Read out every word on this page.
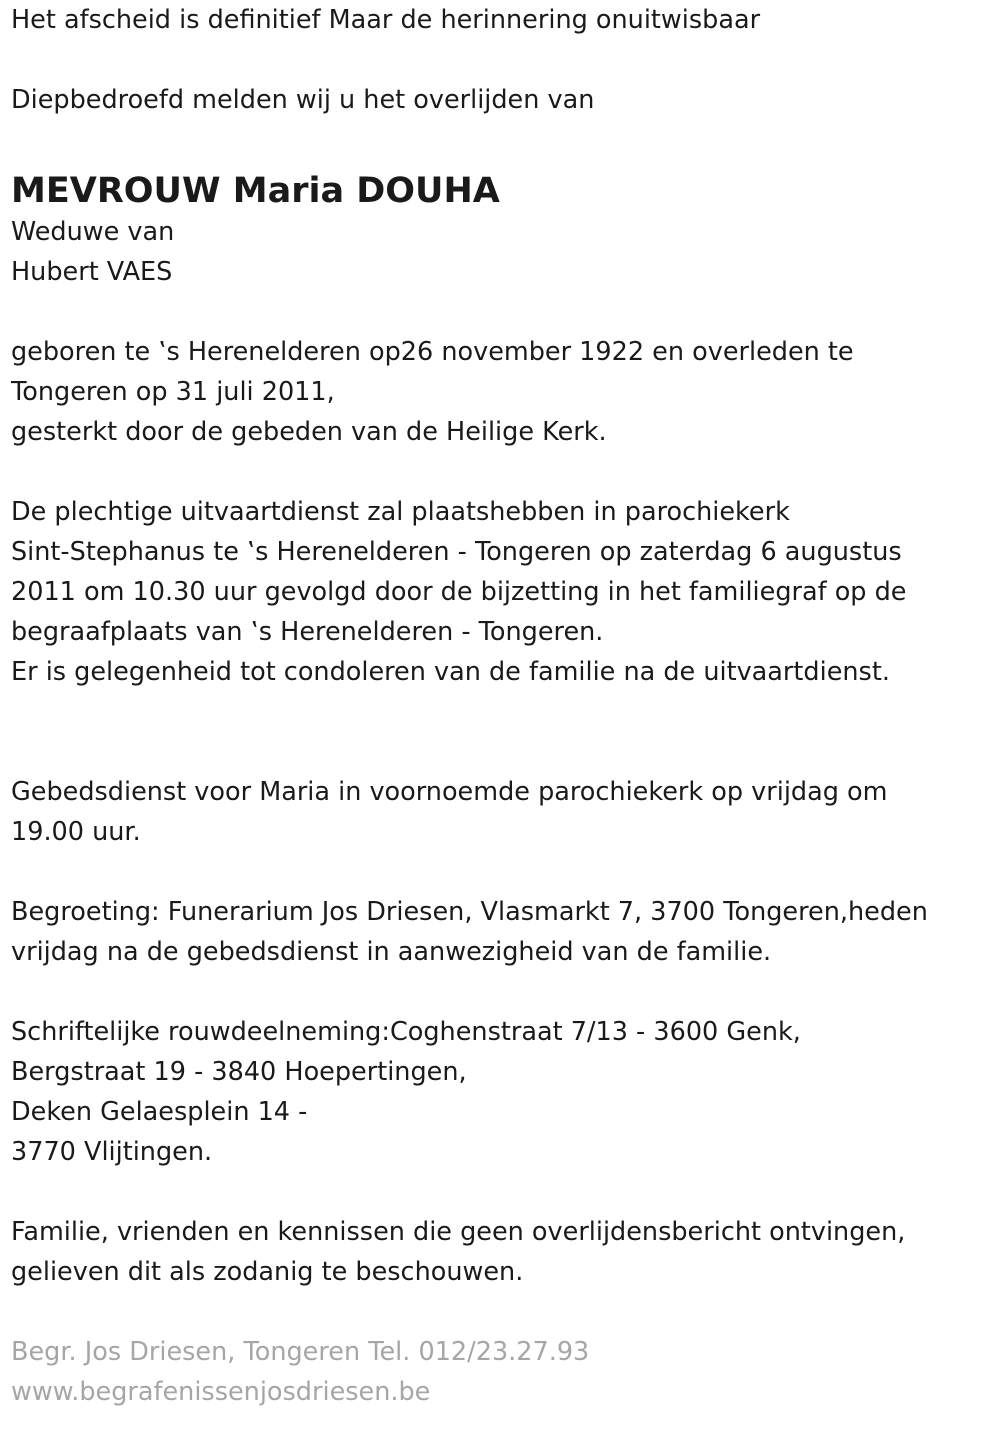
Het afscheid is definitief Maar de herinnering onuitwisbaar
Diepbedroefd melden wij u het overlijden van
MEVROUW Maria DOUHA
Weduwe van
Hubert VAES
geboren te ‛s Herenelderen op26 november 1922 en overleden te
Tongeren op 31 juli 2011,
gesterkt door de gebeden van de Heilige Kerk.
De plechtige uitvaartdienst zal plaatshebben in parochiekerk
Sint-Stephanus te ‛s Herenelderen - Tongeren op zaterdag 6 augustus
2011 om 10.30 uur gevolgd door de bijzetting in het familiegraf op de
begraafplaats van ‛s Herenelderen - Tongeren.
Er is gelegenheid tot condoleren van de familie na de uitvaartdienst.
Gebedsdienst voor Maria in voornoemde parochiekerk op vrijdag om
19.00 uur.
Begroeting: Funerarium Jos Driesen, Vlasmarkt 7, 3700 Tongeren,heden
vrijdag na de gebedsdienst in aanwezigheid van de familie.
Schriftelijke rouwdeelneming:Coghenstraat 7/13 - 3600 Genk,
Bergstraat 19 - 3840 Hoepertingen,
Deken Gelaesplein 14 -
3770 Vlijtingen.
Familie, vrienden en kennissen die geen overlijdensbericht ontvingen,
gelieven dit als zodanig te beschouwen.
Begr. Jos Driesen, Tongeren Tel. 012/23.27.93
www.begrafenissenjosdriesen.be
